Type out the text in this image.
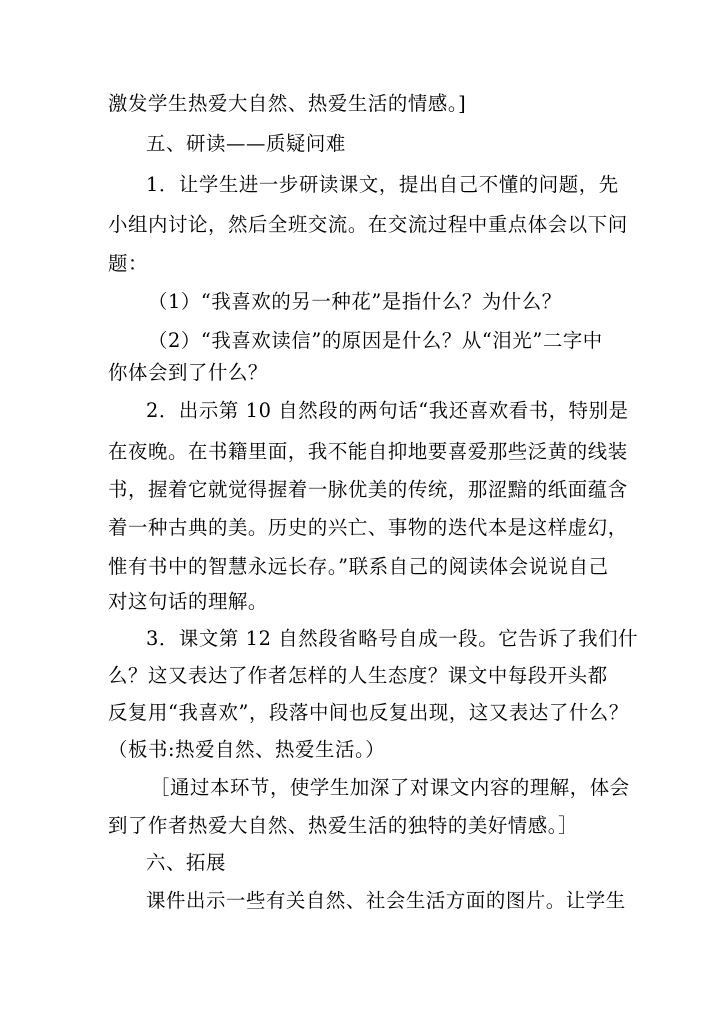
激发学生热爱大自然、热爱生活的情感。]
五、研读——质疑问难
1．让学生进一步研读课文，提出自己不懂的问题，先
小组内讨论，然后全班交流。在交流过程中重点体会以下问
题：
（1）“我喜欢的另一种花”是指什么？为什么？
（2）“我喜欢读信”的原因是什么？从“泪光”二字中
你体会到了什么？
2．出示第 10 自然段的两句话“我还喜欢看书，特别是
在夜晚。在书籍里面，我不能自抑地要喜爱那些泛黄的线装
书，握着它就觉得握着一脉优美的传统，那涩黯的纸面蕴含
着一种古典的美。历史的兴亡、事物的迭代本是这样虚幻，
惟有书中的智慧永远长存。”联系自己的阅读体会说说自己
对这句话的理解。
3．课文第 12 自然段省略号自成一段。它告诉了我们什
么？这又表达了作者怎样的人生态度？课文中每段开头都
反复用“我喜欢”，段落中间也反复出现，这又表达了什么？
（板书:热爱自然、热爱生活。）
［通过本环节，使学生加深了对课文内容的理解，体会
到了作者热爱大自然、热爱生活的独特的美好情感。］
六、拓展
课件出示一些有关自然、社会生活方面的图片。让学生
